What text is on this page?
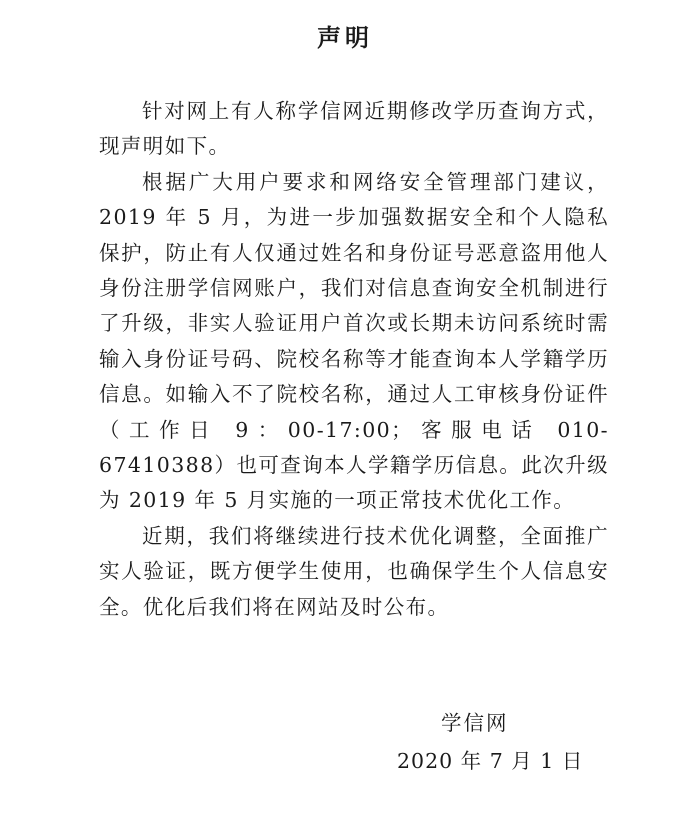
声明

针对网上有人称学信网近期修改学历查询方式，现声明如下。

根据广大用户要求和网络安全管理部门建议，2019 年 5 月，为进一步加强数据安全和个人隐私保护，防止有人仅通过姓名和身份证号恶意盗用他人身份注册学信网账户，我们对信息查询安全机制进行了升级，非实人验证用户首次或长期未访问系统时需输入身份证号码、院校名称等才能查询本人学籍学历信息。如输入不了院校名称，通过人工审核身份证件（工作日 9：00-17:00；客服电话 010-67410388）也可查询本人学籍学历信息。此次升级为 2019 年 5 月实施的一项正常技术优化工作。

近期，我们将继续进行技术优化调整，全面推广实人验证，既方便学生使用，也确保学生个人信息安全。优化后我们将在网站及时公布。

学信网

2020 年 7 月 1 日
